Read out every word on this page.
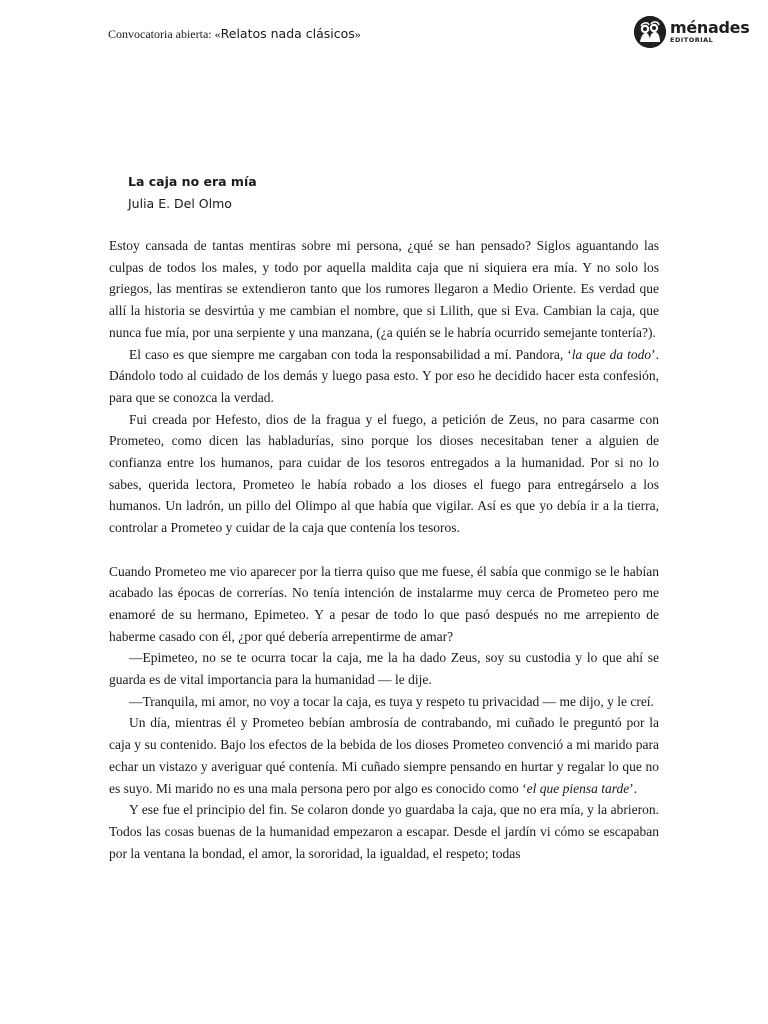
Convocatoria abierta: «Relatos nada clásicos»	ménades
EDITORIAL
La caja no era mía
Julia E. Del Olmo

Estoy cansada de tantas mentiras sobre mi persona, ¿qué se han pensado? Siglos aguantando las culpas de todos los males, y todo por aquella maldita caja que ni siquiera era mía. Y no solo los griegos, las mentiras se extendieron tanto que los rumores llegaron a Medio Oriente. Es verdad que allí la historia se desvirtúa y me cambian el nombre, que si Lilith, que si Eva. Cambian la caja, que nunca fue mía, por una serpiente y una manzana, (¿a quién se le habría ocurrido semejante tontería?).

El caso es que siempre me cargaban con toda la responsabilidad a mí. Pandora, ‘la que da todo’. Dándolo todo al cuidado de los demás y luego pasa esto. Y por eso he decidido hacer esta confesión, para que se conozca la verdad.

Fui creada por Hefesto, dios de la fragua y el fuego, a petición de Zeus, no para casarme con Prometeo, como dicen las habladurías, sino porque los dioses necesitaban tener a alguien de confianza entre los humanos, para cuidar de los tesoros entregados a la humanidad. Por si no lo sabes, querida lectora, Prometeo le había robado a los dioses el fuego para entregárselo a los humanos. Un ladrón, un pillo del Olimpo al que había que vigilar. Así es que yo debía ir a la tierra, controlar a Prometeo y cuidar de la caja que contenía los tesoros.

Cuando Prometeo me vio aparecer por la tierra quiso que me fuese, él sabía que conmigo se le habían acabado las épocas de correrías. No tenía intención de instalarme muy cerca de Prometeo pero me enamoré de su hermano, Epimeteo. Y a pesar de todo lo que pasó después no me arrepiento de haberme casado con él, ¿por qué debería arrepentirme de amar?

—Epimeteo, no se te ocurra tocar la caja, me la ha dado Zeus, soy su custodia y lo que ahí se guarda es de vital importancia para la humanidad — le dije.

—Tranquila, mi amor, no voy a tocar la caja, es tuya y respeto tu privacidad — me dijo, y le creí.

Un día, mientras él y Prometeo bebían ambrosía de contrabando, mi cuñado le preguntó por la caja y su contenido. Bajo los efectos de la bebida de los dioses Prometeo convenció a mi marido para echar un vistazo y averiguar qué contenía. Mi cuñado siempre pensando en hurtar y regalar lo que no es suyo. Mi marido no es una mala persona pero por algo es conocido como ‘el que piensa tarde’.

Y ese fue el principio del fin. Se colaron donde yo guardaba la caja, que no era mía, y la abrieron. Todos las cosas buenas de la humanidad empezaron a escapar. Desde el jardín vi cómo se escapaban por la ventana la bondad, el amor, la sororidad, la igualdad, el respeto; todas
